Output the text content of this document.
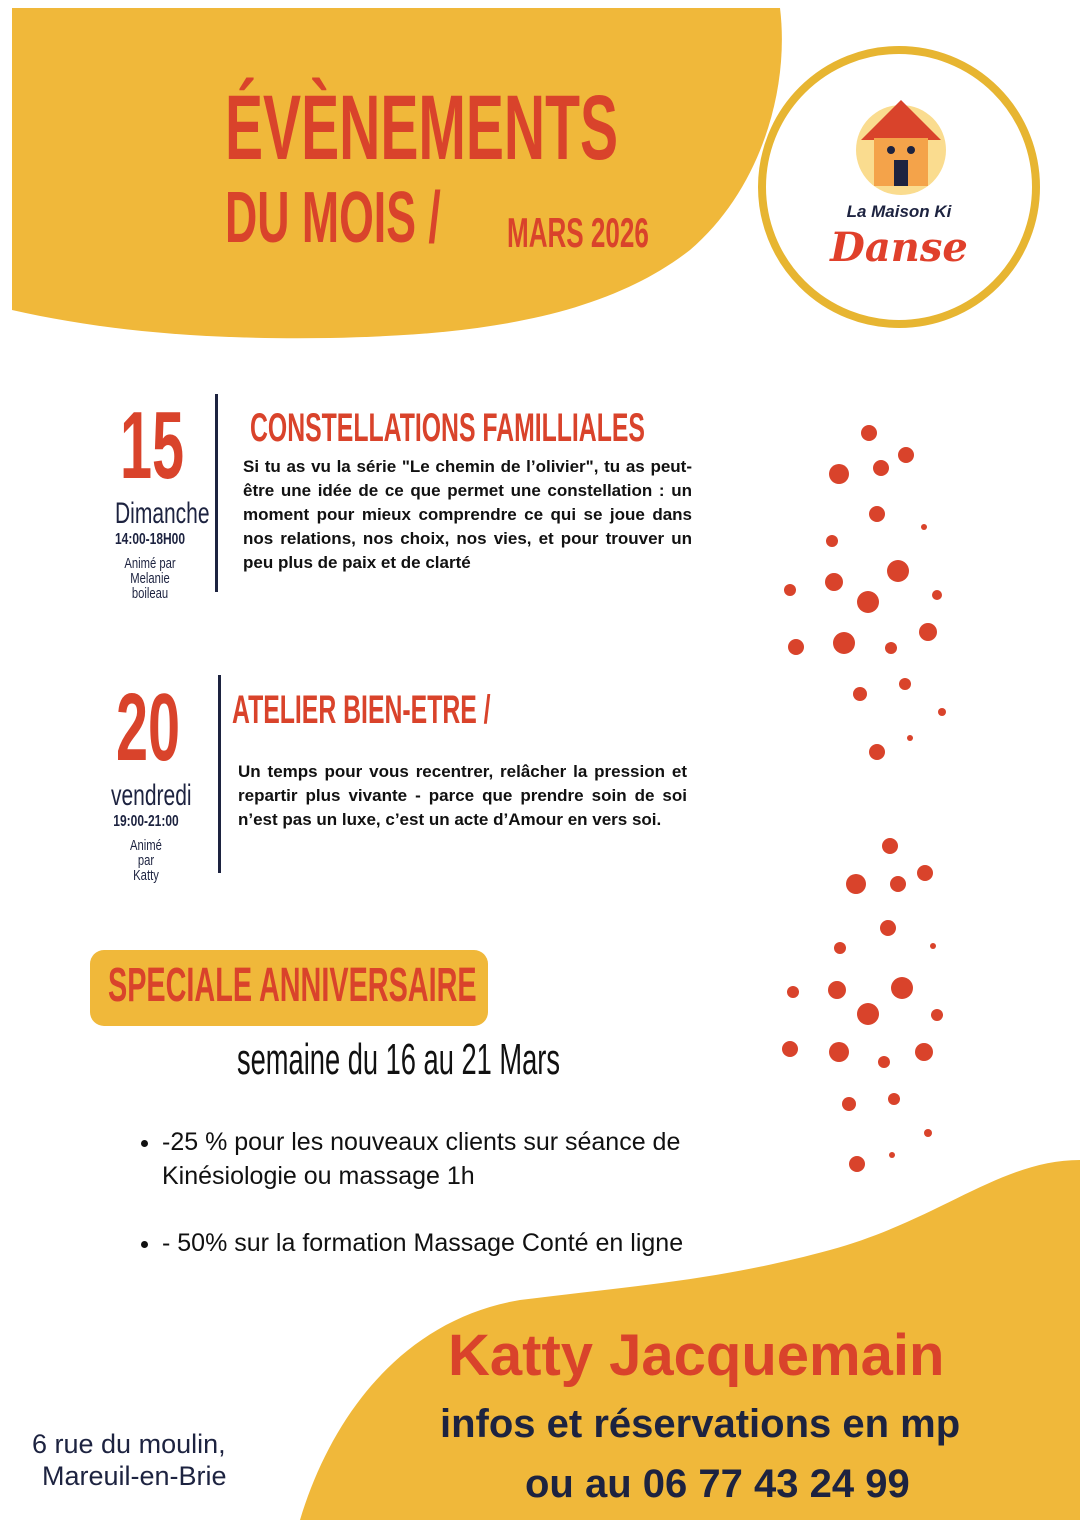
ÉVÈNEMENTS
DU MOIS / MARS 2026	La Maison Ki
Danse
15
Dimanche
14:00-18H00
Animé par Melanie boileau
CONSTELLATIONS FAMILLIALES
Si tu as vu la série "Le chemin de l’olivier", tu as peut-être une idée de ce que permet une constellation : un moment pour mieux comprendre ce qui se joue dans nos relations, nos choix, nos vies, et pour trouver un peu plus de paix et de clarté
20
vendredi
19:00-21:00
Animé par Katty
ATELIER BIEN-ETRE /
Un temps pour vous recentrer, relâcher la pression et repartir plus vivante - parce que prendre soin de soi n’est pas un luxe, c’est un acte d’Amour en vers soi.
SPECIALE ANNIVERSAIRE
semaine du 16 au 21 Mars
• -25 % pour les nouveaux clients sur séance de Kinésiologie ou massage 1h
• - 50% sur la formation Massage Conté en ligne
6 rue du moulin,
Mareuil-en-Brie
Katty Jacquemain
infos et réservations en mp
ou au 06 77 43 24 99
